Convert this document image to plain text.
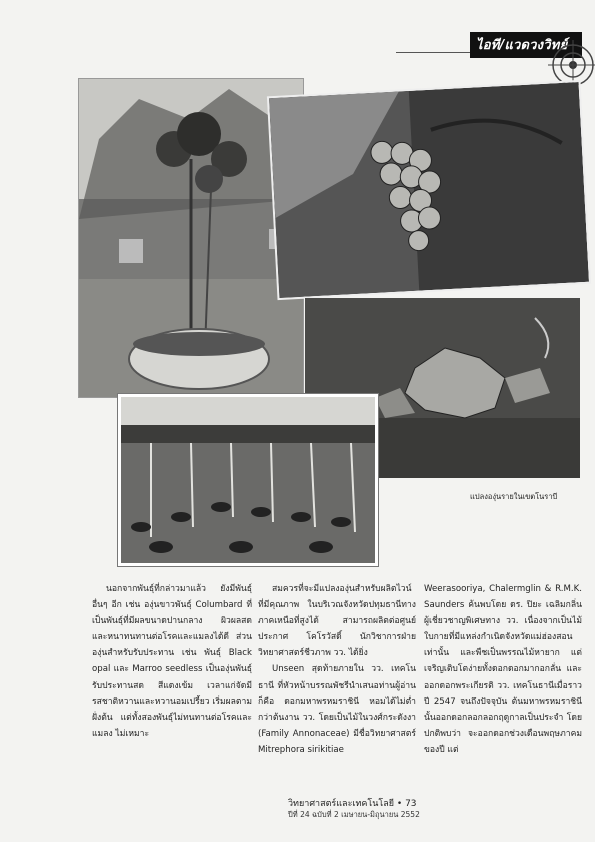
ไอที/แวดวงวิทย์
แปลงองุ่นรายในเขตโนราบี

นอกจากพันธุ์ที่กล่าวมาแล้ว ยังมีพันธุ์อื่นๆ อีก เช่น องุ่นขาวพันธุ์ Columbard ที่เป็นพันธุ์ที่มีผลขนาดปานกลาง ผิวผลสด และหนาทนทานต่อโรคและแมลงได้ดี ส่วนองุ่นสำหรับรับประทาน เช่น พันธุ์ Black opal และ Marroo seedless เป็นองุ่นพันธุ์รับประทานสด สีแดงเข้ม เวลาแก่จัดมีรสชาติหวานและหวานอมเปรี้ยว เริ่มผลตามฝั่งต้น แต่ทั้งสองพันธุ์ไม่ทนทานต่อโรคและแมลง ไม่เหมาะ

สมควรที่จะมีแปลงองุ่นสำหรับผลิตไวน์ที่มีคุณภาพ ในบริเวณจังหวัดปทุมธานีทางภาคเหนือที่สูงได้ สามารถผลิตต่อศูนย์ประกาศ โคโรวัสดิ์ นักวิชาการฝ่ายวิทยาศาสตร์ชีวภาพ วว. ได้ยิ่ง

Unseen สุดท้ายภายใน วว. เทคโนธานี ที่หัวหน้าบรรณพัชรีนำเสนอท่านผู้อ่านก็คือ ดอกมหาพรหมราชินี หอมได้ไม่ต่ำกว่าต้นงาน วว. โดยเป็นไม้ในวงศ์กระดังงา (Family Annonaceae) มีชื่อวิทยาศาสตร์ Mitrephora sirikitiae

Weerasooriya, Chalermglin & R.M.K. Saunders ค้นพบโดย ดร. ปิยะ เฉลิมกลิ่น ผู้เชี่ยวชาญพิเศษทาง วว. เนื่องจากเป็นไม้ใบกายที่มีแหล่งกำเนิดจังหวัดแม่ฮ่องสอนเท่านั้น และพืชเป็นพรรณไม้หายาก แต่เจริญเติบโตง่ายทั้งดอกดอกมากอกลั่น และออกดอกพระเกียรติ วว. เทคโนธานีเมื่อราวปี 2547 จนถึงปัจจุบัน ต้นมหาพรหมราชินีนั้นออกดอกลอกลอกฤดูกาลเป็นประจำ โดยปกติพบว่า จะออกดอกช่วงเดือนพฤษภาคมของปี แต่

วิทยาศาสตร์และเทคโนโลยี • 73
ปีที่ 24 ฉบับที่ 2 เมษายน-มิถุนายน 2552
